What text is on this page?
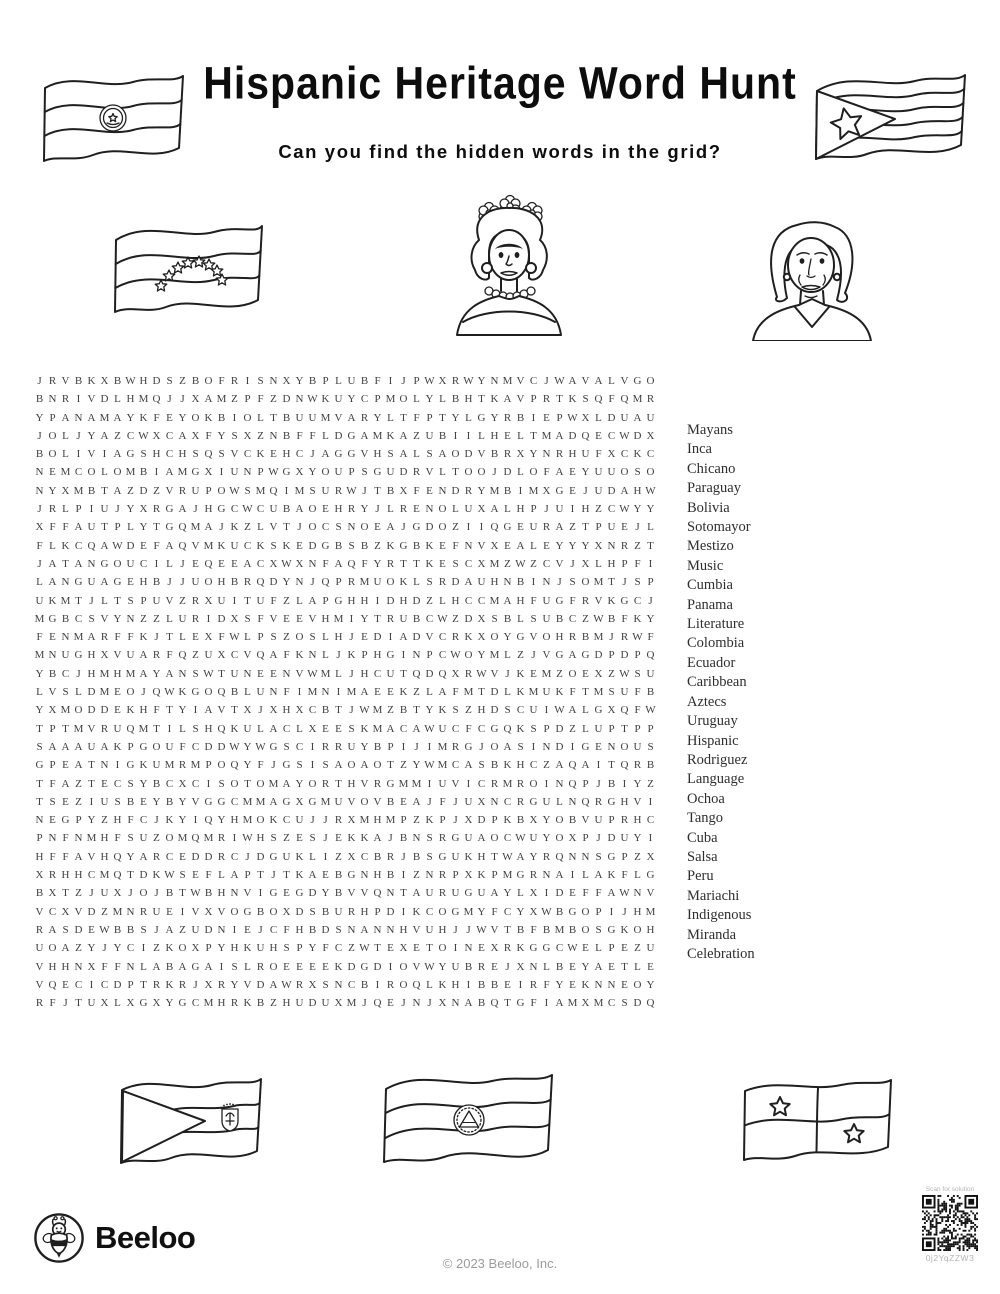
Hispanic Heritage Word Hunt
Can you find the hidden words in the grid?
J R V B K X B W H D S Z B O F R I S N X Y B P L U B F I J P W X R W Y N M V C J W A V A L V G O
B N R I V D L H M Q J J X A M Z P F Z D N W K U Y C P M O L Y L B H T K A V P R T K S Q F Q M R
Y P A N A M A Y K F E Y O K B I O L T B U U M V A R Y L T F P T Y L G Y R B I E P W X L D U A U
J O L J Y A Z C W X C A X F Y S X Z N B F F L D G A M K A Z U B I I L H E L T M A D Q E C W D X
B O L I V I A G S H C H S Q S V C K E H C J A G G V H S A L S A O D V B R X Y N R H U F X C K C
N E M C O L O M B I A M G X I U N P W G X Y O U P S G U D R V L T O O J D L O F A E Y U U O S O
N Y X M B T A Z D Z V R U P O W S M Q I M S U R W J T B X F E N D R Y M B I M X G E J U D A H W
J R L P I U J Y X R G A J H G C W C U B A O E H R Y J L R E N O L U X A L H P J U I H Z C W Y Y
X F F A U T P L Y T G Q M A J K Z L V T J O C S N O E A J G D O Z I I Q G E U R A Z T P U E J L
F L K C Q A W D E F A Q V M K U C K S K E D G B S B Z K G B K E F N V X E A L E Y Y Y X N R Z T
J A T A N G O U C I L J E Q E E A C X W X N F A Q F Y R T T K E S C X M Z W Z C V J X L H P F I
L A N G U A G E H B J J U O H B R Q D Y N J Q P R M U O K L S R D A U H N B I N J S O M T J S P
U K M T J L T S P U V Z R X U I T U F Z L A P G H H I D H D Z L H C C M A H F U G F R V K G C J
M G B C S V Y N Z Z L U R I D X S F V E E V H M I Y T R U B C W Z D X S B L S U B C Z W B F K Y
F E N M A R F F K J T L E X F W L P S Z O S L H J E D I A D V C R K X O Y G V O H R B M J R W F
M N U G H X V U A R F Q Z U X C V Q A F K N L J K P H G I N P C W O Y M L Z J V G A G D P D P Q
Y B C J H M H M A Y A N S W T U N E E N V W M L J H C U T Q D Q X R W V J K E M Z O E X Z W S U
L V S L D M E O J Q W K G O Q B L U N F I M N I M A E E K Z L A F M T D L K M U K F T M S U F B
Y X M O D D E K H F T Y I A V T X J X H X C B T J W M Z B T Y K S Z H D S C U I W A L G X Q F W
T P T M V R U Q M T I L S H Q K U L A C L X E E S K M A C A W U C F C G Q K S P D Z L U P T P P
S A A A U A K P G O U F C D D W Y W G S C I R R U Y B P I J I M R G J O A S I N D I G E N O U S
G P E A T N I G K U M R M P O Q Y F J G S I S A O A O T Z Y W M C A S B K H C Z A Q A I T Q R B
T F A Z T E C S Y B C X C I S O T O M A Y O R T H V R G M M I U V I C R M R O I N Q P J B I Y Z
T S E Z I U S B E Y B Y V G G C M M A G X G M U V O V B E A J F J U X N C R G U L N Q R G H V I
N E G P Y Z H F C J K Y I Q Y H M O K C U J J R X M H M P Z K P J X D P K B X Y O B V U P R H C
P N F N M H F S U Z O M Q M R I W H S Z E S J E K K A J B N S R G U A O C W U Y O X P J D U Y I
H F F A V H Q Y A R C E D D R C J D G U K L I Z X C B R J B S G U K H T W A Y R Q N N S G P Z X
X R H H C M Q T D K W S E F L A P T J T K A E B G N H B I Z N R P X K P M G R N A I L A K F L G
B X T Z J U X J O J B T W B H N V I G E G D Y B V V Q N T A U R U G U A Y L X I D E F F A W N V
V C X V D Z M N R U E I V X V O G B O X D S B U R H P D I K C O G M Y F C Y X W B G O P I J H M
R A S D E W B B S J A Z U D N I E J C F H B D S N A N N H V U H J J W V T B F B M B O S G K O H
U O A Z Y J Y C I Z K O X P Y H K U H S P Y F C Z W T E X E T O I N E X R K G G C W E L P E Z U
V H H N X F F N L A B A G A I S L R O E E E E K D G D I O V W Y U B R E J X N L B E Y A E T L E
V Q E C I C D P T R K R J X R Y V D A W R X S N C B I R O Q L K H I B B E I R F Y E K N N E O Y
R F J T U X L X G X Y G C M H R K B Z H U D U X M J Q E J N J X N A B Q T G F I A M X M C S D Q
Mayans
Inca
Chicano
Paraguay
Bolivia
Sotomayor
Mestizo
Music
Cumbia
Panama
Literature
Colombia
Ecuador
Caribbean
Aztecs
Uruguay
Hispanic
Rodriguez
Language
Ochoa
Tango
Cuba
Salsa
Peru
Mariachi
Indigenous
Miranda
Celebration
Beeloo
© 2023 Beeloo, Inc.
Scan for solution
0j2YqZZW3
